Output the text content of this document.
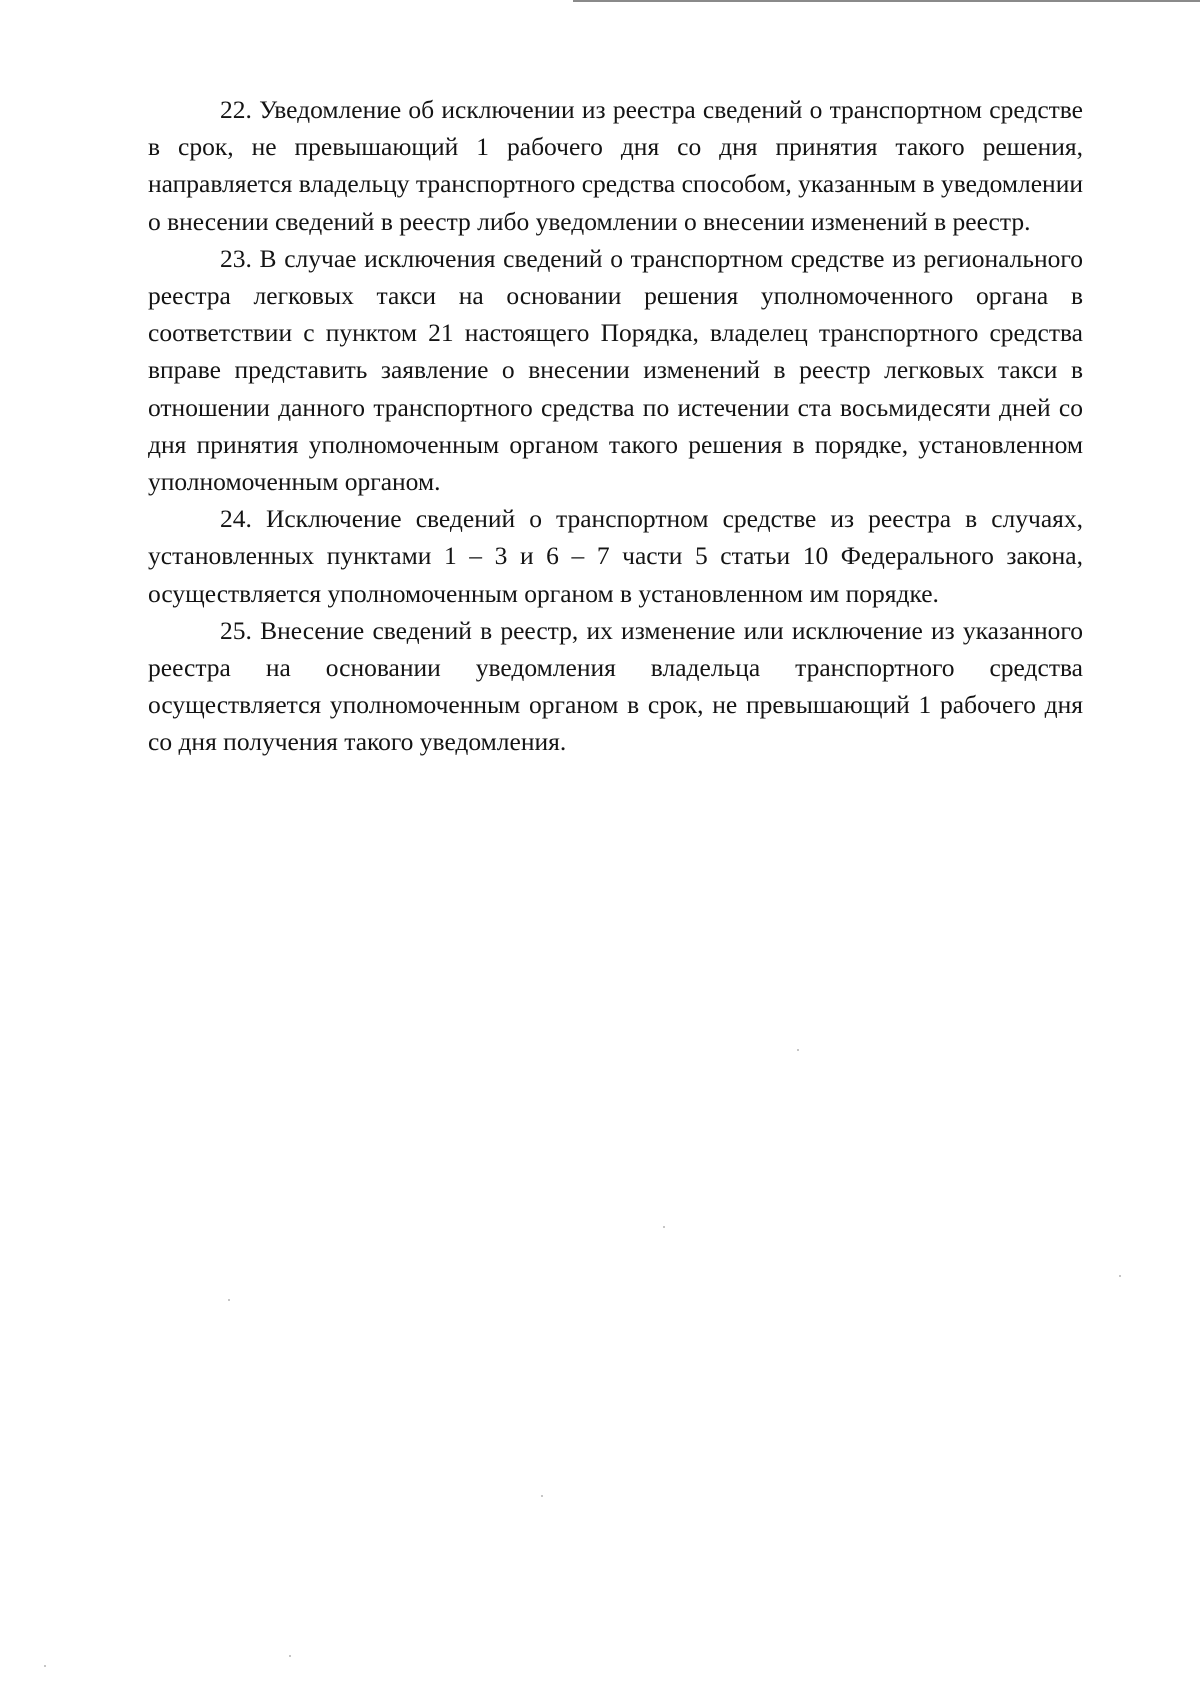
22. Уведомление об исключении из реестра сведений о транспортном средстве в срок, не превышающий 1 рабочего дня со дня принятия такого решения, направляется владельцу транспортного средства способом, указанным в уведомлении о внесении сведений в реестр либо уведомлении о внесении изменений в реестр.

23. В случае исключения сведений о транспортном средстве из регионального реестра легковых такси на основании решения уполномоченного органа в соответствии с пунктом 21 настоящего Порядка, владелец транспортного средства вправе представить заявление о внесении изменений в реестр легковых такси в отношении данного транспортного средства по истечении ста восьмидесяти дней со дня принятия уполномоченным органом такого решения в порядке, установленном уполномоченным органом.

24. Исключение сведений о транспортном средстве из реестра в случаях, установленных пунктами 1 – 3 и 6 – 7 части 5 статьи 10 Федерального закона, осуществляется уполномоченным органом в установленном им порядке.

25. Внесение сведений в реестр, их изменение или исключение из указанного реестра на основании уведомления владельца транспортного средства осуществляется уполномоченным органом в срок, не превышающий 1 рабочего дня со дня получения такого уведомления.
